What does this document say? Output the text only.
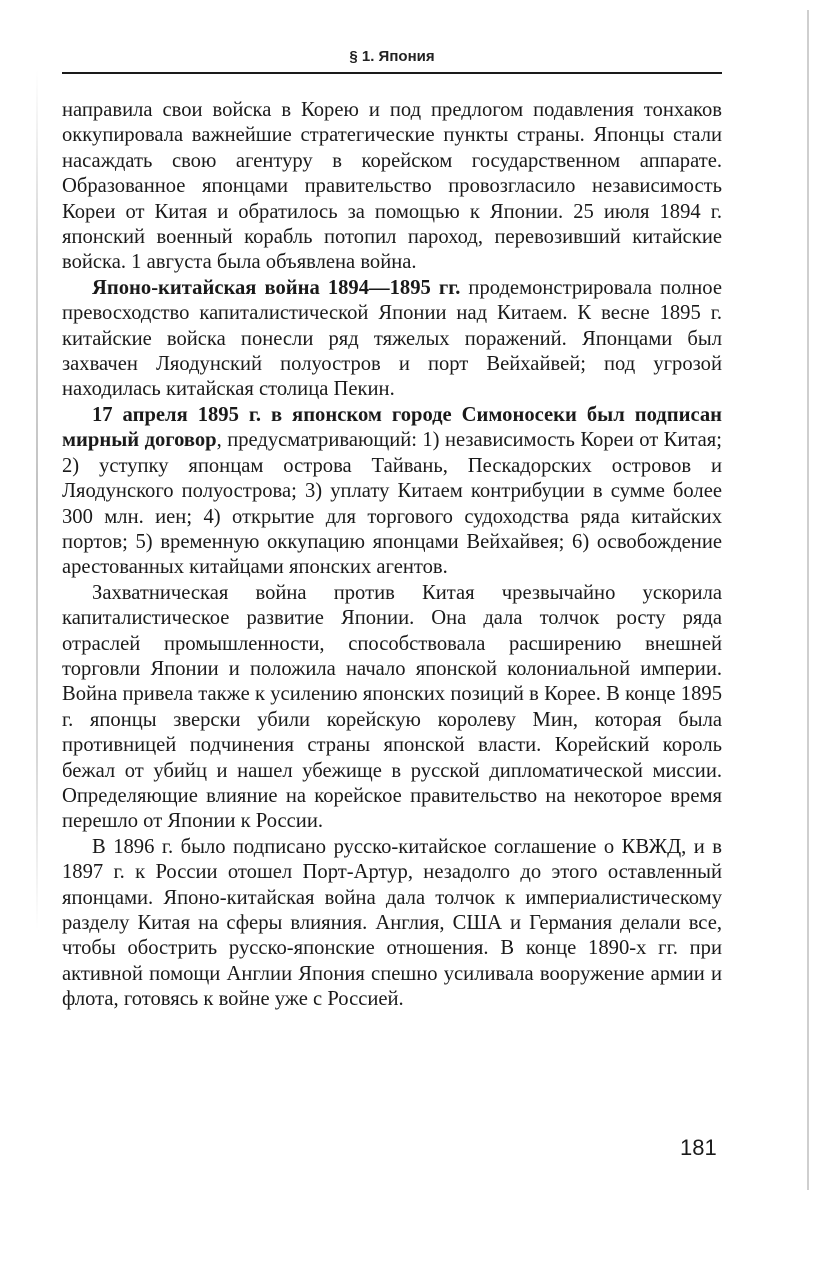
§ 1. Япония

направила свои войска в Корею и под предлогом подавления тонхаков оккупировала важнейшие стратегические пункты страны. Японцы стали насаждать свою агентуру в корейском государственном аппарате. Образованное японцами правительство провозгласило независимость Кореи от Китая и обратилось за помощью к Японии. 25 июля 1894 г. японский военный корабль потопил пароход, перевозивший китайские войска. 1 августа была объявлена война.

Японо-китайская война 1894—1895 гг. продемонстрировала полное превосходство капиталистической Японии над Китаем. К весне 1895 г. китайские войска понесли ряд тяжелых поражений. Японцами был захвачен Ляодунский полуостров и порт Вейхайвей; под угрозой находилась китайская столица Пекин.

17 апреля 1895 г. в японском городе Симоносеки был подписан мирный договор, предусматривающий: 1) независимость Кореи от Китая; 2) уступку японцам острова Тайвань, Пескадорских островов и Ляодунского полуострова; 3) уплату Китаем контрибуции в сумме более 300 млн. иен; 4) открытие для торгового судоходства ряда китайских портов; 5) временную оккупацию японцами Вейхайвея; 6) освобождение арестованных китайцами японских агентов.

Захватническая война против Китая чрезвычайно ускорила капиталистическое развитие Японии. Она дала толчок росту ряда отраслей промышленности, способствовала расширению внешней торговли Японии и положила начало японской колониальной империи. Война привела также к усилению японских позиций в Корее. В конце 1895 г. японцы зверски убили корейскую королеву Мин, которая была противницей подчинения страны японской власти. Корейский король бежал от убийц и нашел убежище в русской дипломатической миссии. Определяющие влияние на корейское правительство на некоторое время перешло от Японии к России.

В 1896 г. было подписано русско-китайское соглашение о КВЖД, и в 1897 г. к России отошел Порт-Артур, незадолго до этого оставленный японцами. Японо-китайская война дала толчок к империалистическому разделу Китая на сферы влияния. Англия, США и Германия делали все, чтобы обострить русско-японские отношения. В конце 1890-х гг. при активной помощи Англии Япония спешно усиливала вооружение армии и флота, готовясь к войне уже с Россией.

181
